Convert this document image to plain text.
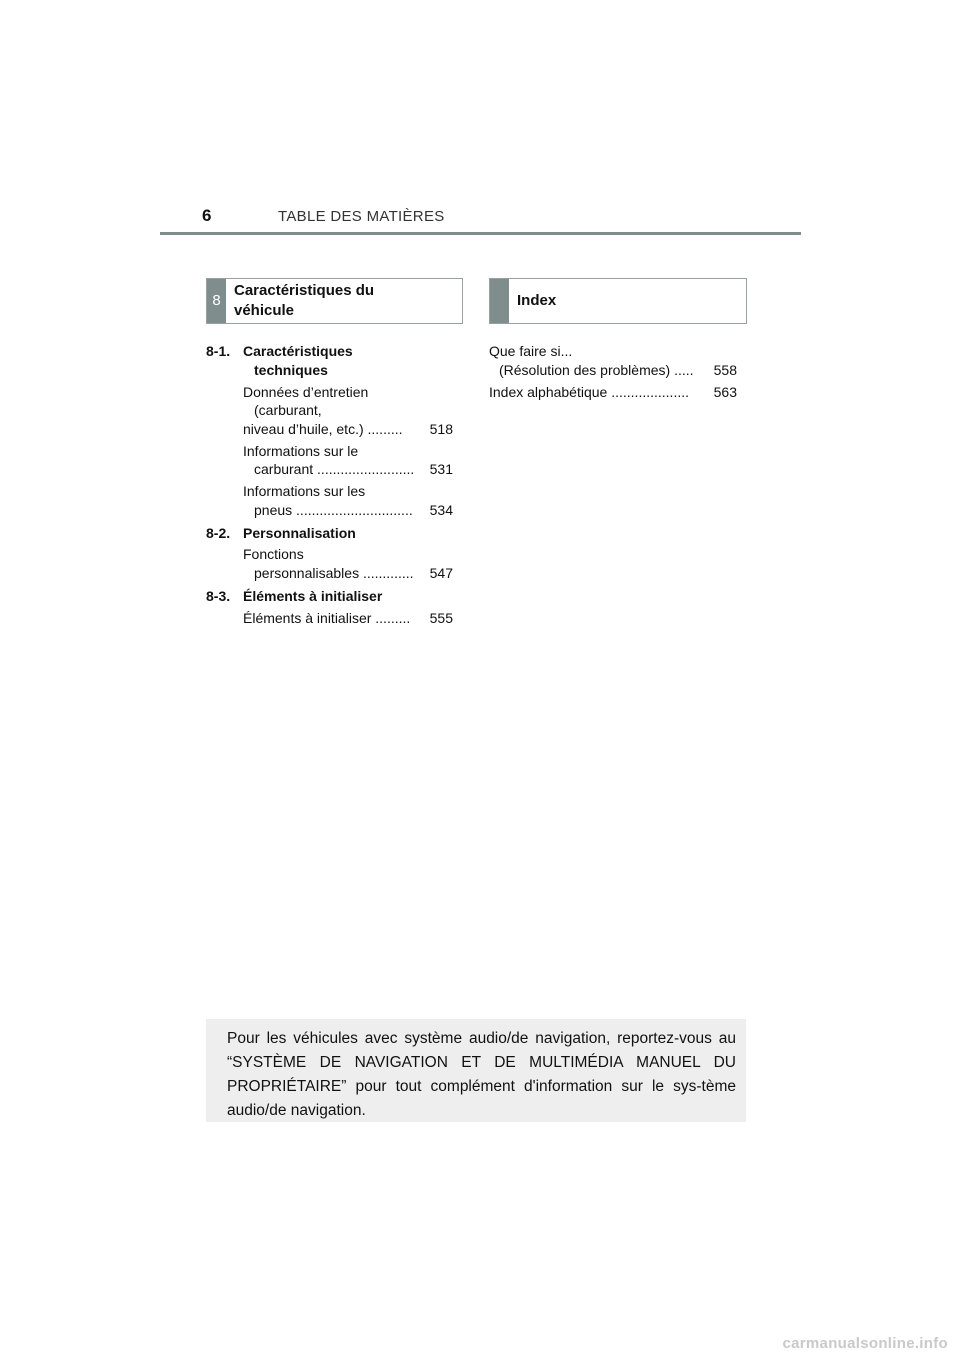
6	TABLE DES MATIÈRES
8
Caractéristiques du
véhicule
Index
8-1. Caractéristiques
techniques
Données d’entretien
(carburant,
niveau d’huile, etc.) .........	518
Informations sur le
carburant .........................	531
Informations sur les
pneus ..............................	534
8-2. Personnalisation
Fonctions
personnalisables .............	547
8-3. Éléments à initialiser
Éléments à initialiser .........	555
Que faire si...
(Résolution des problèmes) .....	558
Index alphabétique ....................	563

Pour les véhicules avec système audio/de navigation, reportez-vous au “SYSTÈME DE NAVIGATION ET DE MULTIMÉDIA MANUEL DU PROPRIÉTAIRE” pour tout complément d'information sur le sys-tème audio/de navigation.

carmanualsonline.info
